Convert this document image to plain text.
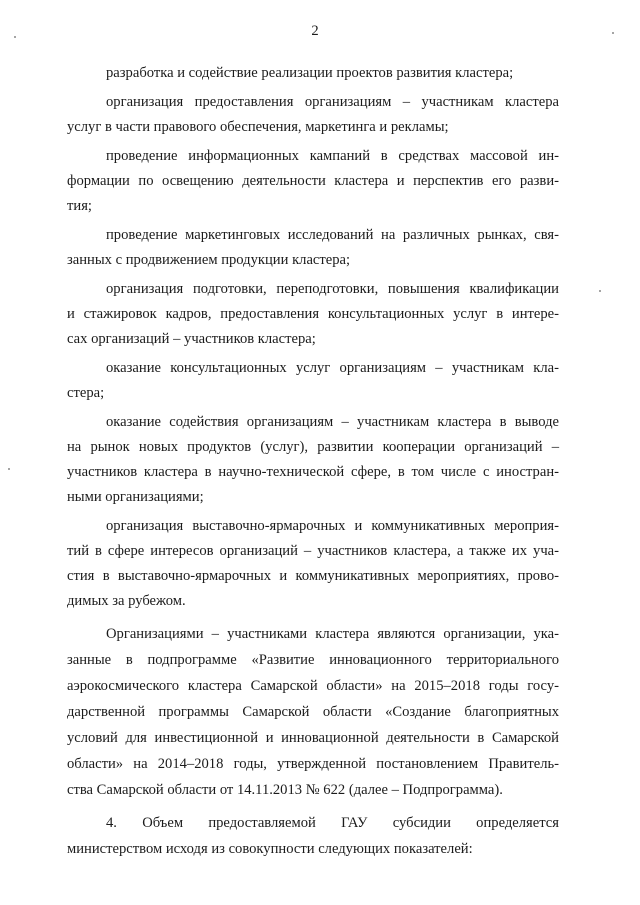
2
разработка и содействие реализации проектов развития кластера;
организация предоставления организациям – участникам кластера
услуг в части правового обеспечения, маркетинга и рекламы;
проведение информационных кампаний в средствах массовой ин-
формации по освещению деятельности кластера и перспектив его разви-
тия;
проведение маркетинговых исследований на различных рынках, свя-
занных с продвижением продукции кластера;
организация подготовки, переподготовки, повышения квалификации
и стажировок кадров, предоставления консультационных услуг в интере-
сах организаций – участников кластера;
оказание консультационных услуг организациям – участникам кла-
стера;
оказание содействия организациям – участникам кластера в выводе
на рынок новых продуктов (услуг), развитии кооперации организаций –
участников кластера в научно-технической сфере, в том числе с иностран-
ными организациями;
организация выставочно-ярмарочных и коммуникативных мероприя-
тий в сфере интересов организаций – участников кластера, а также их уча-
стия в выставочно-ярмарочных и коммуникативных мероприятиях, прово-
димых за рубежом.
Организациями – участниками кластера являются организации, ука-
занные в подпрограмме «Развитие инновационного территориального
аэрокосмического кластера Самарской области» на 2015–2018 годы госу-
дарственной программы Самарской области «Создание благоприятных
условий для инвестиционной и инновационной деятельности в Самарской
области» на 2014–2018 годы, утвержденной постановлением Правитель-
ства Самарской области от 14.11.2013 № 622 (далее – Подпрограмма).
4. Объем предоставляемой ГАУ субсидии определяется
министерством исходя из совокупности следующих показателей:
